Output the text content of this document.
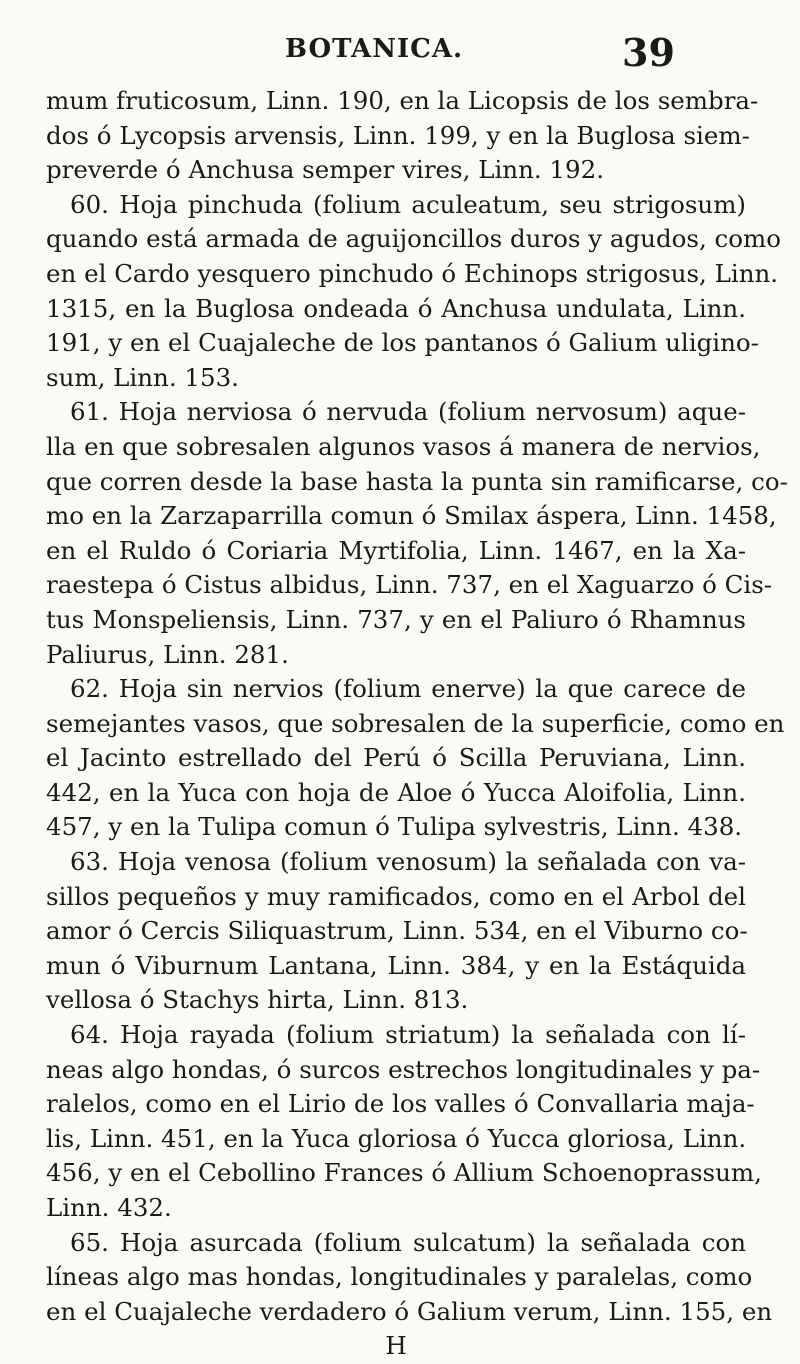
BOTANICA.	39
mum fruticosum, Linn. 190, en la Licopsis de los sembra-
dos ó Lycopsis arvensis, Linn. 199, y en la Buglosa siem-
preverde ó Anchusa semper vires, Linn. 192.
60. Hoja pinchuda (folium aculeatum, seu strigosum)
quando está armada de aguijoncillos duros y agudos, como
en el Cardo yesquero pinchudo ó Echinops strigosus, Linn.
1315, en la Buglosa ondeada ó Anchusa undulata, Linn.
191, y en el Cuajaleche de los pantanos ó Galium uligino-
sum, Linn. 153.
61. Hoja nerviosa ó nervuda (folium nervosum) aque-
lla en que sobresalen algunos vasos á manera de nervios,
que corren desde la base hasta la punta sin ramificarse, co-
mo en la Zarzaparrilla comun ó Smilax áspera, Linn. 1458,
en el Ruldo ó Coriaria Myrtifolia, Linn. 1467, en la Xa-
raestepa ó Cistus albidus, Linn. 737, en el Xaguarzo ó Cis-
tus Monspeliensis, Linn. 737, y en el Paliuro ó Rhamnus
Paliurus, Linn. 281.
62. Hoja sin nervios (folium enerve) la que carece de
semejantes vasos, que sobresalen de la superficie, como en
el Jacinto estrellado del Perú ó Scilla Peruviana, Linn.
442, en la Yuca con hoja de Aloe ó Yucca Aloifolia, Linn.
457, y en la Tulipa comun ó Tulipa sylvestris, Linn. 438.
63. Hoja venosa (folium venosum) la señalada con va-
sillos pequeños y muy ramificados, como en el Arbol del
amor ó Cercis Siliquastrum, Linn. 534, en el Viburno co-
mun ó Viburnum Lantana, Linn. 384, y en la Estáquida
vellosa ó Stachys hirta, Linn. 813.
64. Hoja rayada (folium striatum) la señalada con lí-
neas algo hondas, ó surcos estrechos longitudinales y pa-
ralelos, como en el Lirio de los valles ó Convallaria maja-
lis, Linn. 451, en la Yuca gloriosa ó Yucca gloriosa, Linn.
456, y en el Cebollino Frances ó Allium Schoenoprassum,
Linn. 432.
65. Hoja asurcada (folium sulcatum) la señalada con
líneas algo mas hondas, longitudinales y paralelas, como
en el Cuajaleche verdadero ó Galium verum, Linn. 155, en
H
